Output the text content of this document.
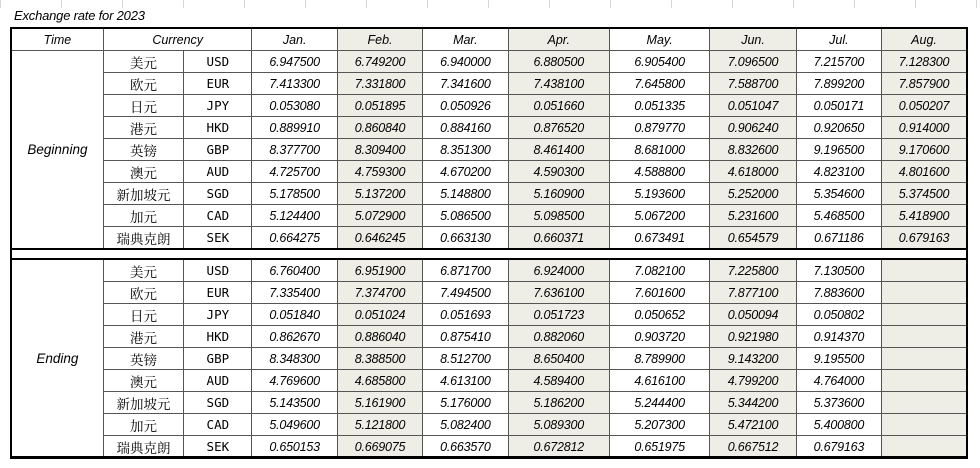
Exchange rate for 2023
Time	Currency		Jan.	Feb.	Mar.	Apr.	May.	Jun.	Jul.	Aug.
Beginning	美元	USD	6.947500	6.749200	6.940000	6.880500	6.905400	7.096500	7.215700	7.128300
	欧元	EUR	7.413300	7.331800	7.341600	7.438100	7.645800	7.588700	7.899200	7.857900
	日元	JPY	0.053080	0.051895	0.050926	0.051660	0.051335	0.051047	0.050171	0.050207
	港元	HKD	0.889910	0.860840	0.884160	0.876520	0.879770	0.906240	0.920650	0.914000
	英镑	GBP	8.377700	8.309400	8.351300	8.461400	8.681000	8.832600	9.196500	9.170600
	澳元	AUD	4.725700	4.759300	4.670200	4.590300	4.588800	4.618000	4.823100	4.801600
	新加坡元	SGD	5.178500	5.137200	5.148800	5.160900	5.193600	5.252000	5.354600	5.374500
	加元	CAD	5.124400	5.072900	5.086500	5.098500	5.067200	5.231600	5.468500	5.418900
	瑞典克朗	SEK	0.664275	0.646245	0.663130	0.660371	0.673491	0.654579	0.671186	0.679163

Ending	美元	USD	6.760400	6.951900	6.871700	6.924000	7.082100	7.225800	7.130500	
	欧元	EUR	7.335400	7.374700	7.494500	7.636100	7.601600	7.877100	7.883600	
	日元	JPY	0.051840	0.051024	0.051693	0.051723	0.050652	0.050094	0.050802	
	港元	HKD	0.862670	0.886040	0.875410	0.882060	0.903720	0.921980	0.914370	
	英镑	GBP	8.348300	8.388500	8.512700	8.650400	8.789900	9.143200	9.195500	
	澳元	AUD	4.769600	4.685800	4.613100	4.589400	4.616100	4.799200	4.764000	
	新加坡元	SGD	5.143500	5.161900	5.176000	5.186200	5.244400	5.344200	5.373600	
	加元	CAD	5.049600	5.121800	5.082400	5.089300	5.207300	5.472100	5.400800	
	瑞典克朗	SEK	0.650153	0.669075	0.663570	0.672812	0.651975	0.667512	0.679163	
